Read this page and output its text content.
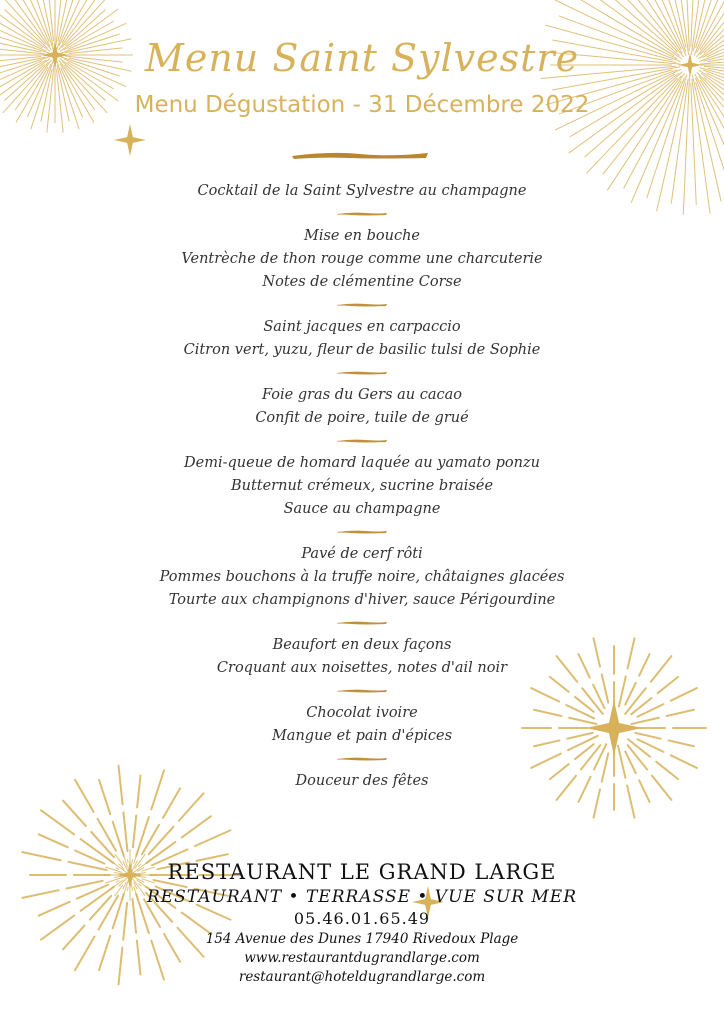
Menu Saint Sylvestre
Menu Dégustation - 31 Décembre 2022
Cocktail de la Saint Sylvestre au champagne
Mise en bouche
Ventrèche de thon rouge comme une charcuterie
Notes de clémentine Corse
Saint jacques en carpaccio
Citron vert, yuzu, fleur de basilic tulsi de Sophie
Foie gras du Gers au cacao
Confit de poire, tuile de grué
Demi-queue de homard laquée au yamato ponzu
Butternut crémeux, sucrine braisée
Sauce au champagne
Pavé de cerf rôti
Pommes bouchons à la truffe noire, châtaignes glacées
Tourte aux champignons d'hiver, sauce Périgourdine
Beaufort en deux façons
Croquant aux noisettes, notes d'ail noir
Chocolat ivoire
Mangue et pain d'épices
Douceur des fêtes
RESTAURANT LE GRAND LARGE
RESTAURANT • TERRASSE • VUE SUR MER
05.46.01.65.49
154 Avenue des Dunes 17940 Rivedoux Plage
www.restaurantdugrandlarge.com
restaurant@hoteldugrandlarge.com
